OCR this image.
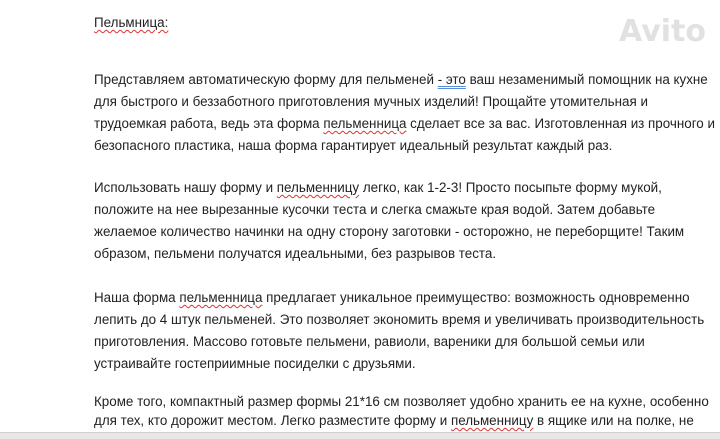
Пельмница:
Представляем автоматическую форму для пельменей - это ваш незаменимый помощник на кухне
для быстрого и беззаботного приготовления мучных изделий! Прощайте утомительная и
трудоемкая работа, ведь эта форма пельменница сделает все за вас. Изготовленная из прочного и
безопасного пластика, наша форма гарантирует идеальный результат каждый раз.
Использовать нашу форму и пельменницу легко, как 1-2-3! Просто посыпьте форму мукой,
положите на нее вырезанные кусочки теста и слегка смажьте края водой. Затем добавьте
желаемое количество начинки на одну сторону заготовки - осторожно, не переборщите! Таким
образом, пельмени получатся идеальными, без разрывов теста.
Наша форма пельменница предлагает уникальное преимущество: возможность одновременно
лепить до 4 штук пельменей. Это позволяет экономить время и увеличивать производительность
приготовления. Массово готовьте пельмени, равиоли, вареники для большой семьи или
устраивайте гостеприимные посиделки с друзьями.
Кроме того, компактный размер формы 21*16 см позволяет удобно хранить ее на кухне, особенно
для тех, кто дорожит местом. Легко разместите форму и пельменницу в ящике или на полке, не
Avito
